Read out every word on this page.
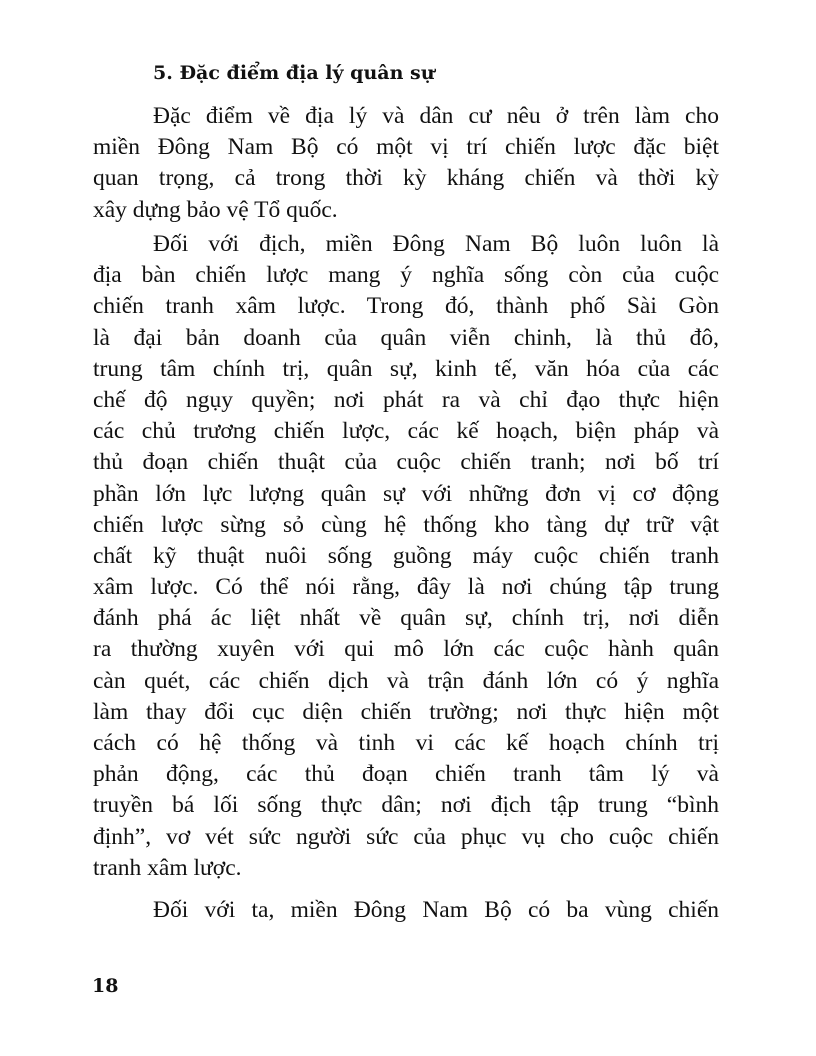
5. Đặc điểm địa lý quân sự
Đặc điểm về địa lý và dân cư nêu ở trên làm cho
miền Đông Nam Bộ có một vị trí chiến lược đặc biệt
quan trọng, cả trong thời kỳ kháng chiến và thời kỳ
xây dựng bảo vệ Tổ quốc.
Đối với địch, miền Đông Nam Bộ luôn luôn là
địa bàn chiến lược mang ý nghĩa sống còn của cuộc
chiến tranh xâm lược. Trong đó, thành phố Sài Gòn
là đại bản doanh của quân viễn chinh, là thủ đô,
trung tâm chính trị, quân sự, kinh tế, văn hóa của các
chế độ ngụy quyền; nơi phát ra và chỉ đạo thực hiện
các chủ trương chiến lược, các kế hoạch, biện pháp và
thủ đoạn chiến thuật của cuộc chiến tranh; nơi bố trí
phần lớn lực lượng quân sự với những đơn vị cơ động
chiến lược sừng sỏ cùng hệ thống kho tàng dự trữ vật
chất kỹ thuật nuôi sống guồng máy cuộc chiến tranh
xâm lược. Có thể nói rằng, đây là nơi chúng tập trung
đánh phá ác liệt nhất về quân sự, chính trị, nơi diễn
ra thường xuyên với qui mô lớn các cuộc hành quân
càn quét, các chiến dịch và trận đánh lớn có ý nghĩa
làm thay đổi cục diện chiến trường; nơi thực hiện một
cách có hệ thống và tinh vi các kế hoạch chính trị
phản động, các thủ đoạn chiến tranh tâm lý và
truyền bá lối sống thực dân; nơi địch tập trung “bình
định”, vơ vét sức người sức của phục vụ cho cuộc chiến
tranh xâm lược.
Đối với ta, miền Đông Nam Bộ có ba vùng chiến
18
